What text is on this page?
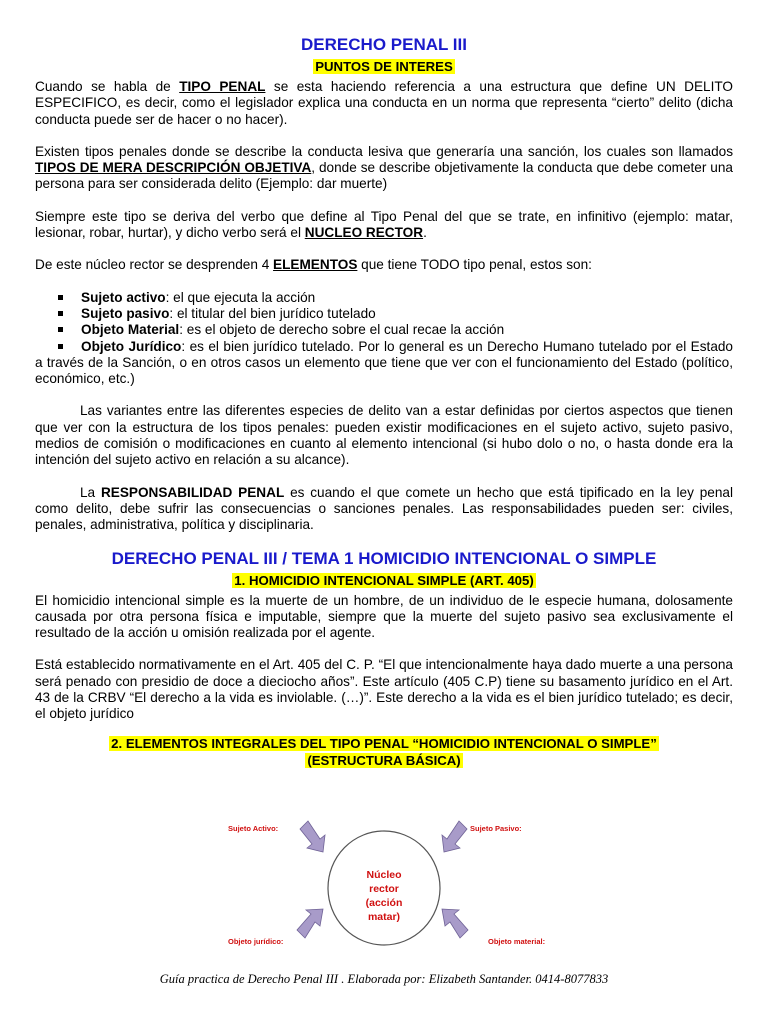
DERECHO PENAL III
PUNTOS DE INTERES

Cuando se habla de TIPO PENAL se esta haciendo referencia a una estructura que define UN DELITO ESPECIFICO, es decir, como el legislador explica una conducta en un norma que representa “cierto” delito (dicha conducta puede ser de hacer o no hacer).

Existen tipos penales donde se describe la conducta lesiva que generaría una sanción, los cuales son llamados TIPOS DE MERA DESCRIPCIÓN OBJETIVA, donde se describe objetivamente la conducta que debe cometer una persona para ser considerada delito (Ejemplo: dar muerte)

Siempre este tipo se deriva del verbo que define al Tipo Penal del que se trate, en infinitivo (ejemplo: matar, lesionar, robar, hurtar), y dicho verbo será el NUCLEO RECTOR.

De este núcleo rector se desprenden 4 ELEMENTOS que tiene TODO tipo penal, estos son:

Sujeto activo: el que ejecuta la acción
Sujeto pasivo: el titular del bien jurídico tutelado
Objeto Material: es el objeto de derecho sobre el cual recae la acción
Objeto Jurídico: es el bien jurídico tutelado. Por lo general es un Derecho Humano tutelado por el Estado a través de la Sanción, o en otros casos un elemento que tiene que ver con el funcionamiento del Estado (político, económico, etc.)

Las variantes entre las diferentes especies de delito van a estar definidas por ciertos aspectos que tienen que ver con la estructura de los tipos penales: pueden existir modificaciones en el sujeto activo, sujeto pasivo, medios de comisión o modificaciones en cuanto al elemento intencional (si hubo dolo o no, o hasta donde era la intención del sujeto activo en relación a su alcance).

La RESPONSABILIDAD PENAL es cuando el que comete un hecho que está tipificado en la ley penal como delito, debe sufrir las consecuencias o sanciones penales. Las responsabilidades pueden ser: civiles, penales, administrativa, política y disciplinaria.

DERECHO PENAL III / TEMA 1 HOMICIDIO INTENCIONAL O SIMPLE
1. HOMICIDIO INTENCIONAL SIMPLE (ART. 405)

El homicidio intencional simple es la muerte de un hombre, de un individuo de le especie humana, dolosamente causada por otra persona física e imputable, siempre que la muerte del sujeto pasivo sea exclusivamente el resultado de la acción u omisión realizada por el agente.

Está establecido normativamente en el Art. 405 del C. P. “El que intencionalmente haya dado muerte a una persona será penado con presidio de doce a dieciocho años”. Este artículo (405 C.P) tiene su basamento jurídico en el Art. 43 de la CRBV “El derecho a la vida es inviolable. (…)”. Este derecho a la vida es el bien jurídico tutelado; es decir, el objeto jurídico

2. ELEMENTOS INTEGRALES DEL TIPO PENAL “HOMICIDIO INTENCIONAL O SIMPLE”
(ESTRUCTURA BÁSICA)
Núcleo
rector
(acción
matar)
Sujeto Activo:	Sujeto Pasivo:
Objeto jurídico:	Objeto material:
Guía practica de Derecho Penal III . Elaborada por: Elizabeth Santander. 0414-8077833
